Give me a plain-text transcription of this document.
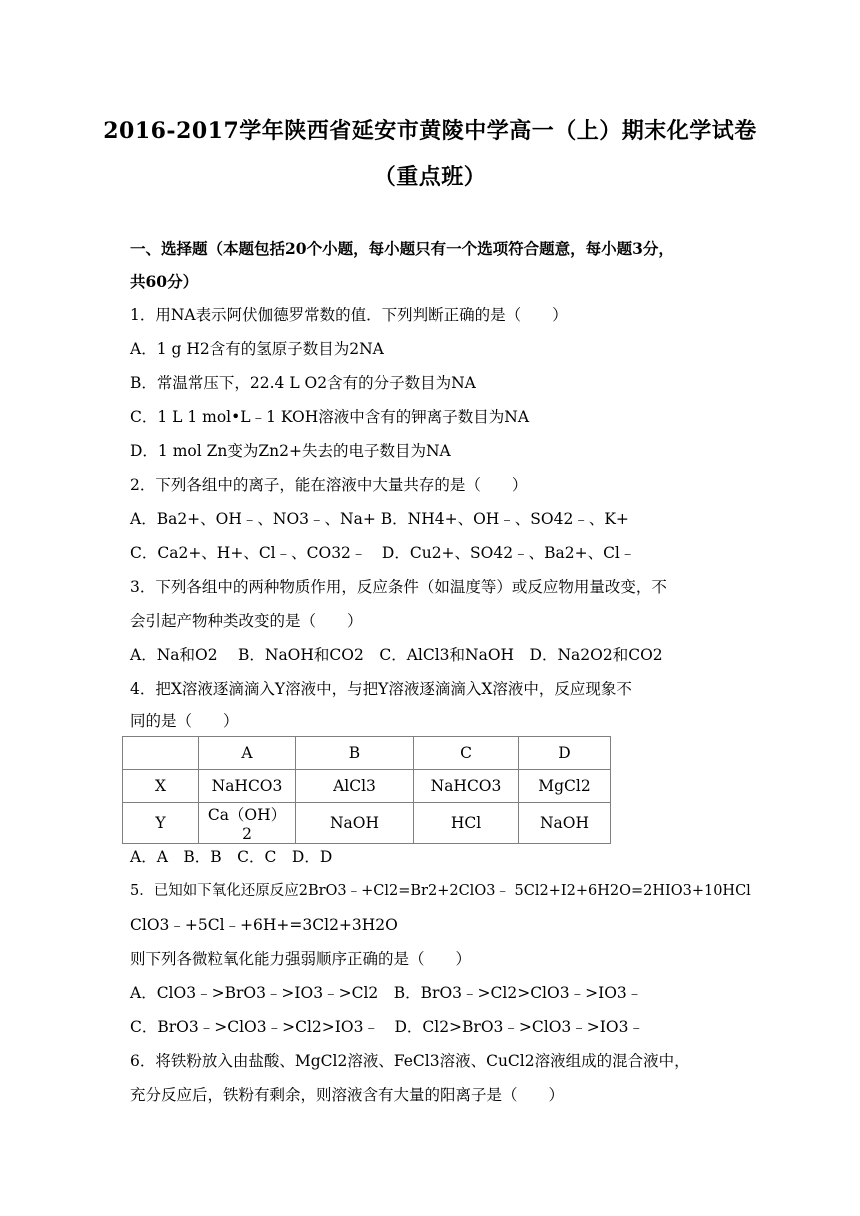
2016-2017学年陕西省延安市黄陵中学高一（上）期末化学试卷
（重点班）
一、选择题（本题包括20个小题，每小题只有一个选项符合题意，每小题3分，
共60分）
1．用NA表示阿伏伽德罗常数的值．下列判断正确的是（　　）
A．1 g H2含有的氢原子数目为2NA
B．常温常压下，22.4 L O2含有的分子数目为NA
C．1 L 1 mol•L﹣1 KOH溶液中含有的钾离子数目为NA
D．1 mol Zn变为Zn2+失去的电子数目为NA
2．下列各组中的离子，能在溶液中大量共存的是（　　）
A．Ba2+、OH﹣、NO3﹣、Na+ B．NH4+、OH﹣、SO42﹣、K+
C．Ca2+、H+、Cl﹣、CO32﹣　D．Cu2+、SO42﹣、Ba2+、Cl﹣
3．下列各组中的两种物质作用，反应条件（如温度等）或反应物用量改变，不
会引起产物种类改变的是（　　）
A．Na和O2　 B．NaOH和CO2　C．AlCl3和NaOH　D．Na2O2和CO2
4．把X溶液逐滴滴入Y溶液中，与把Y溶液逐滴滴入X溶液中，反应现象不
同的是（　　）
	A	B	C	D
X	NaHCO3	AlCl3	NaHCO3	MgCl2
Y	Ca（OH）2	NaOH	HCl	NaOH
A．A　B．B　C．C　D．D
5．已知如下氧化还原反应2BrO3﹣+Cl2=Br2+2ClO3﹣ 5Cl2+I2+6H2O=2HIO3+10HCl
ClO3﹣+5Cl﹣+6H+=3Cl2+3H2O
则下列各微粒氧化能力强弱顺序正确的是（　　）
A．ClO3﹣>BrO3﹣>IO3﹣>Cl2　B．BrO3﹣>Cl2>ClO3﹣>IO3﹣
C．BrO3﹣>ClO3﹣>Cl2>IO3﹣　D．Cl2>BrO3﹣>ClO3﹣>IO3﹣
6．将铁粉放入由盐酸、MgCl2溶液、FeCl3溶液、CuCl2溶液组成的混合液中，
充分反应后，铁粉有剩余，则溶液含有大量的阳离子是（　　）
